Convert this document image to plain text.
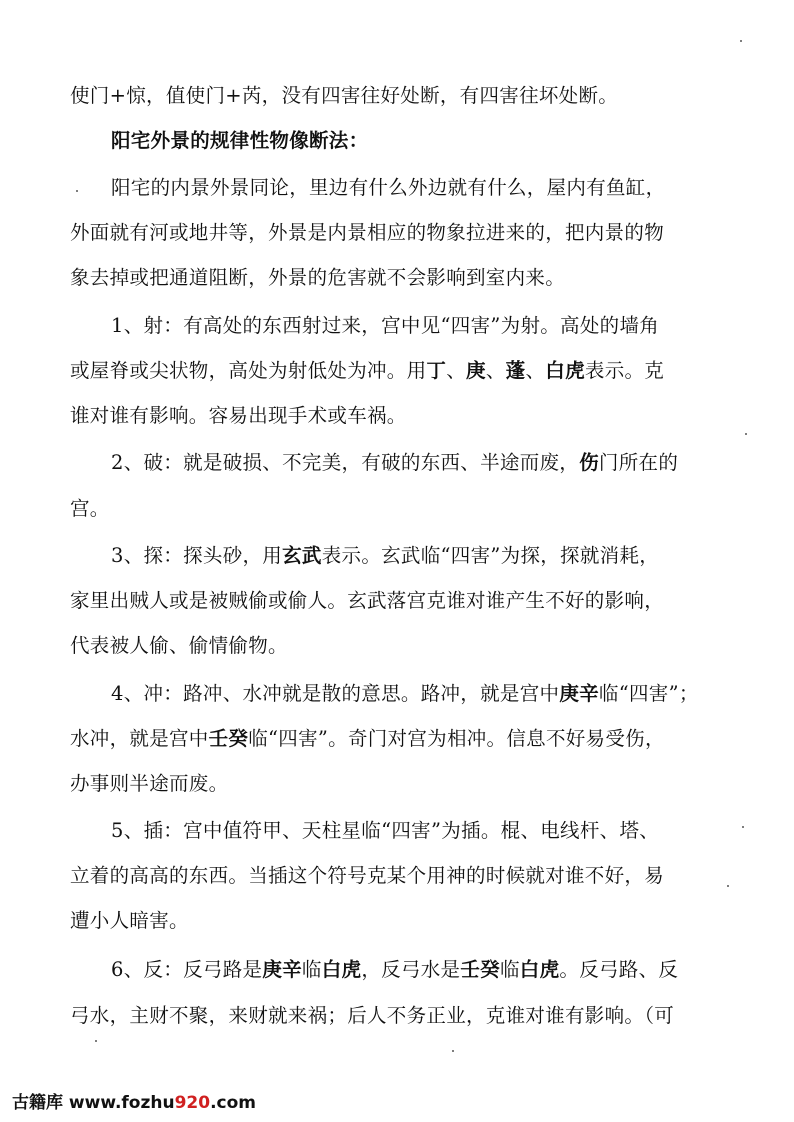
阳宅外景的规律性物像断法：
使门+惊，值使门+芮，没有四害往好处断，有四害往坏处断。
阳宅的内景外景同论，里边有什么外边就有什么，屋内有鱼缸，
外面就有河或地井等，外景是内景相应的物象拉进来的，把内景的物
象去掉或把通道阻断，外景的危害就不会影响到室内来。
1、射：有高处的东西射过来，宫中见“四害”为射。高处的墙角
或屋脊或尖状物，高处为射低处为冲。用丁、庚、蓬、白虎表示。克
谁对谁有影响。容易出现手术或车祸。
2、破：就是破损、不完美，有破的东西、半途而废，伤门所在的
宫。
3、探：探头砂，用玄武表示。玄武临“四害”为探，探就消耗，
家里出贼人或是被贼偷或偷人。玄武落宫克谁对谁产生不好的影响，
代表被人偷、偷情偷物。
4、冲：路冲、水冲就是散的意思。路冲，就是宫中庚辛临“四害”；
水冲，就是宫中壬癸临“四害”。奇门对宫为相冲。信息不好易受伤，
办事则半途而废。
5、插：宫中值符甲、天柱星临“四害”为插。棍、电线杆、塔、
立着的高高的东西。当插这个符号克某个用神的时候就对谁不好，易
遭小人暗害。
6、反：反弓路是庚辛临白虎，反弓水是壬癸临白虎。反弓路、反
弓水，主财不聚，来财就来祸；后人不务正业，克谁对谁有影响。（可
古籍库 www.fozhu920.com
